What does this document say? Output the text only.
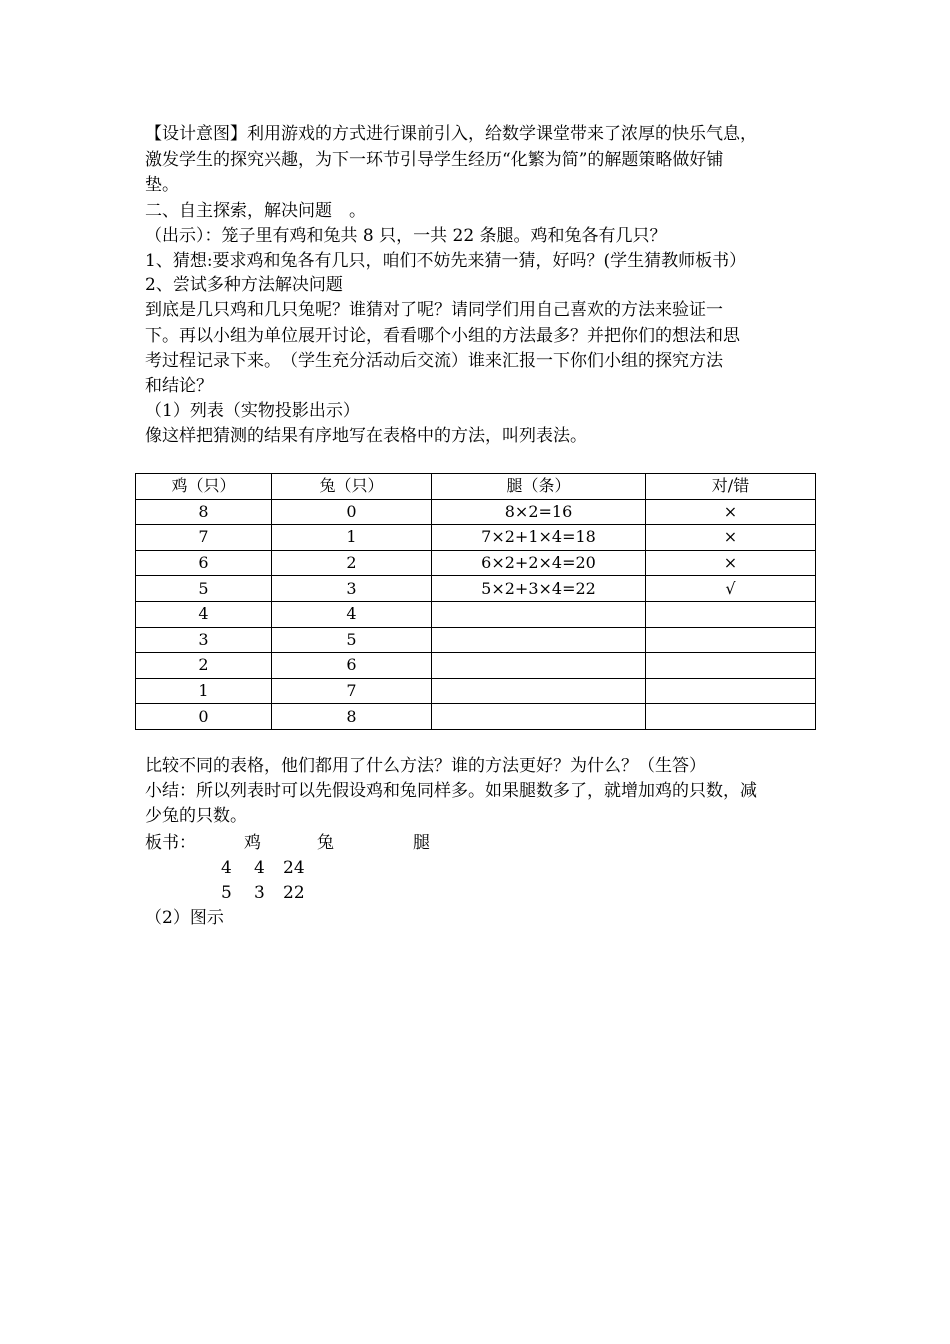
【设计意图】利用游戏的方式进行课前引入，给数学课堂带来了浓厚的快乐气息，
激发学生的探究兴趣，为下一环节引导学生经历“化繁为简”的解题策略做好铺
垫。
二、自主探索，解决问题　。
（出示）：笼子里有鸡和兔共 8 只，一共 22 条腿。鸡和兔各有几只？
1、猜想:要求鸡和兔各有几只，咱们不妨先来猜一猜，好吗？(学生猜教师板书）
2、尝试多种方法解决问题
到底是几只鸡和几只兔呢？谁猜对了呢？请同学们用自己喜欢的方法来验证一
下。再以小组为单位展开讨论，看看哪个小组的方法最多？并把你们的想法和思
考过程记录下来。　（学生充分活动后交流）谁来汇报一下你们小组的探究方法
和结论？
（1）列表（实物投影出示）
像这样把猜测的结果有序地写在表格中的方法，叫列表法。
鸡（只）	兔（只）	腿（条）	对/错
8	0	8×2=16	×
7	1	7×2+1×4=18	×
6	2	6×2+2×4=20	×
5	3	5×2+3×4=22	√
4	4		
3	5		
2	6		
1	7		
0	8		
比较不同的表格，他们都用了什么方法？谁的方法更好？为什么？（生答）
小结：所以列表时可以先假设鸡和兔同样多。如果腿数多了，就增加鸡的只数，减
少兔的只数。
板书：	鸡	兔	腿
4 4 24
5 3 22
（2）图示
